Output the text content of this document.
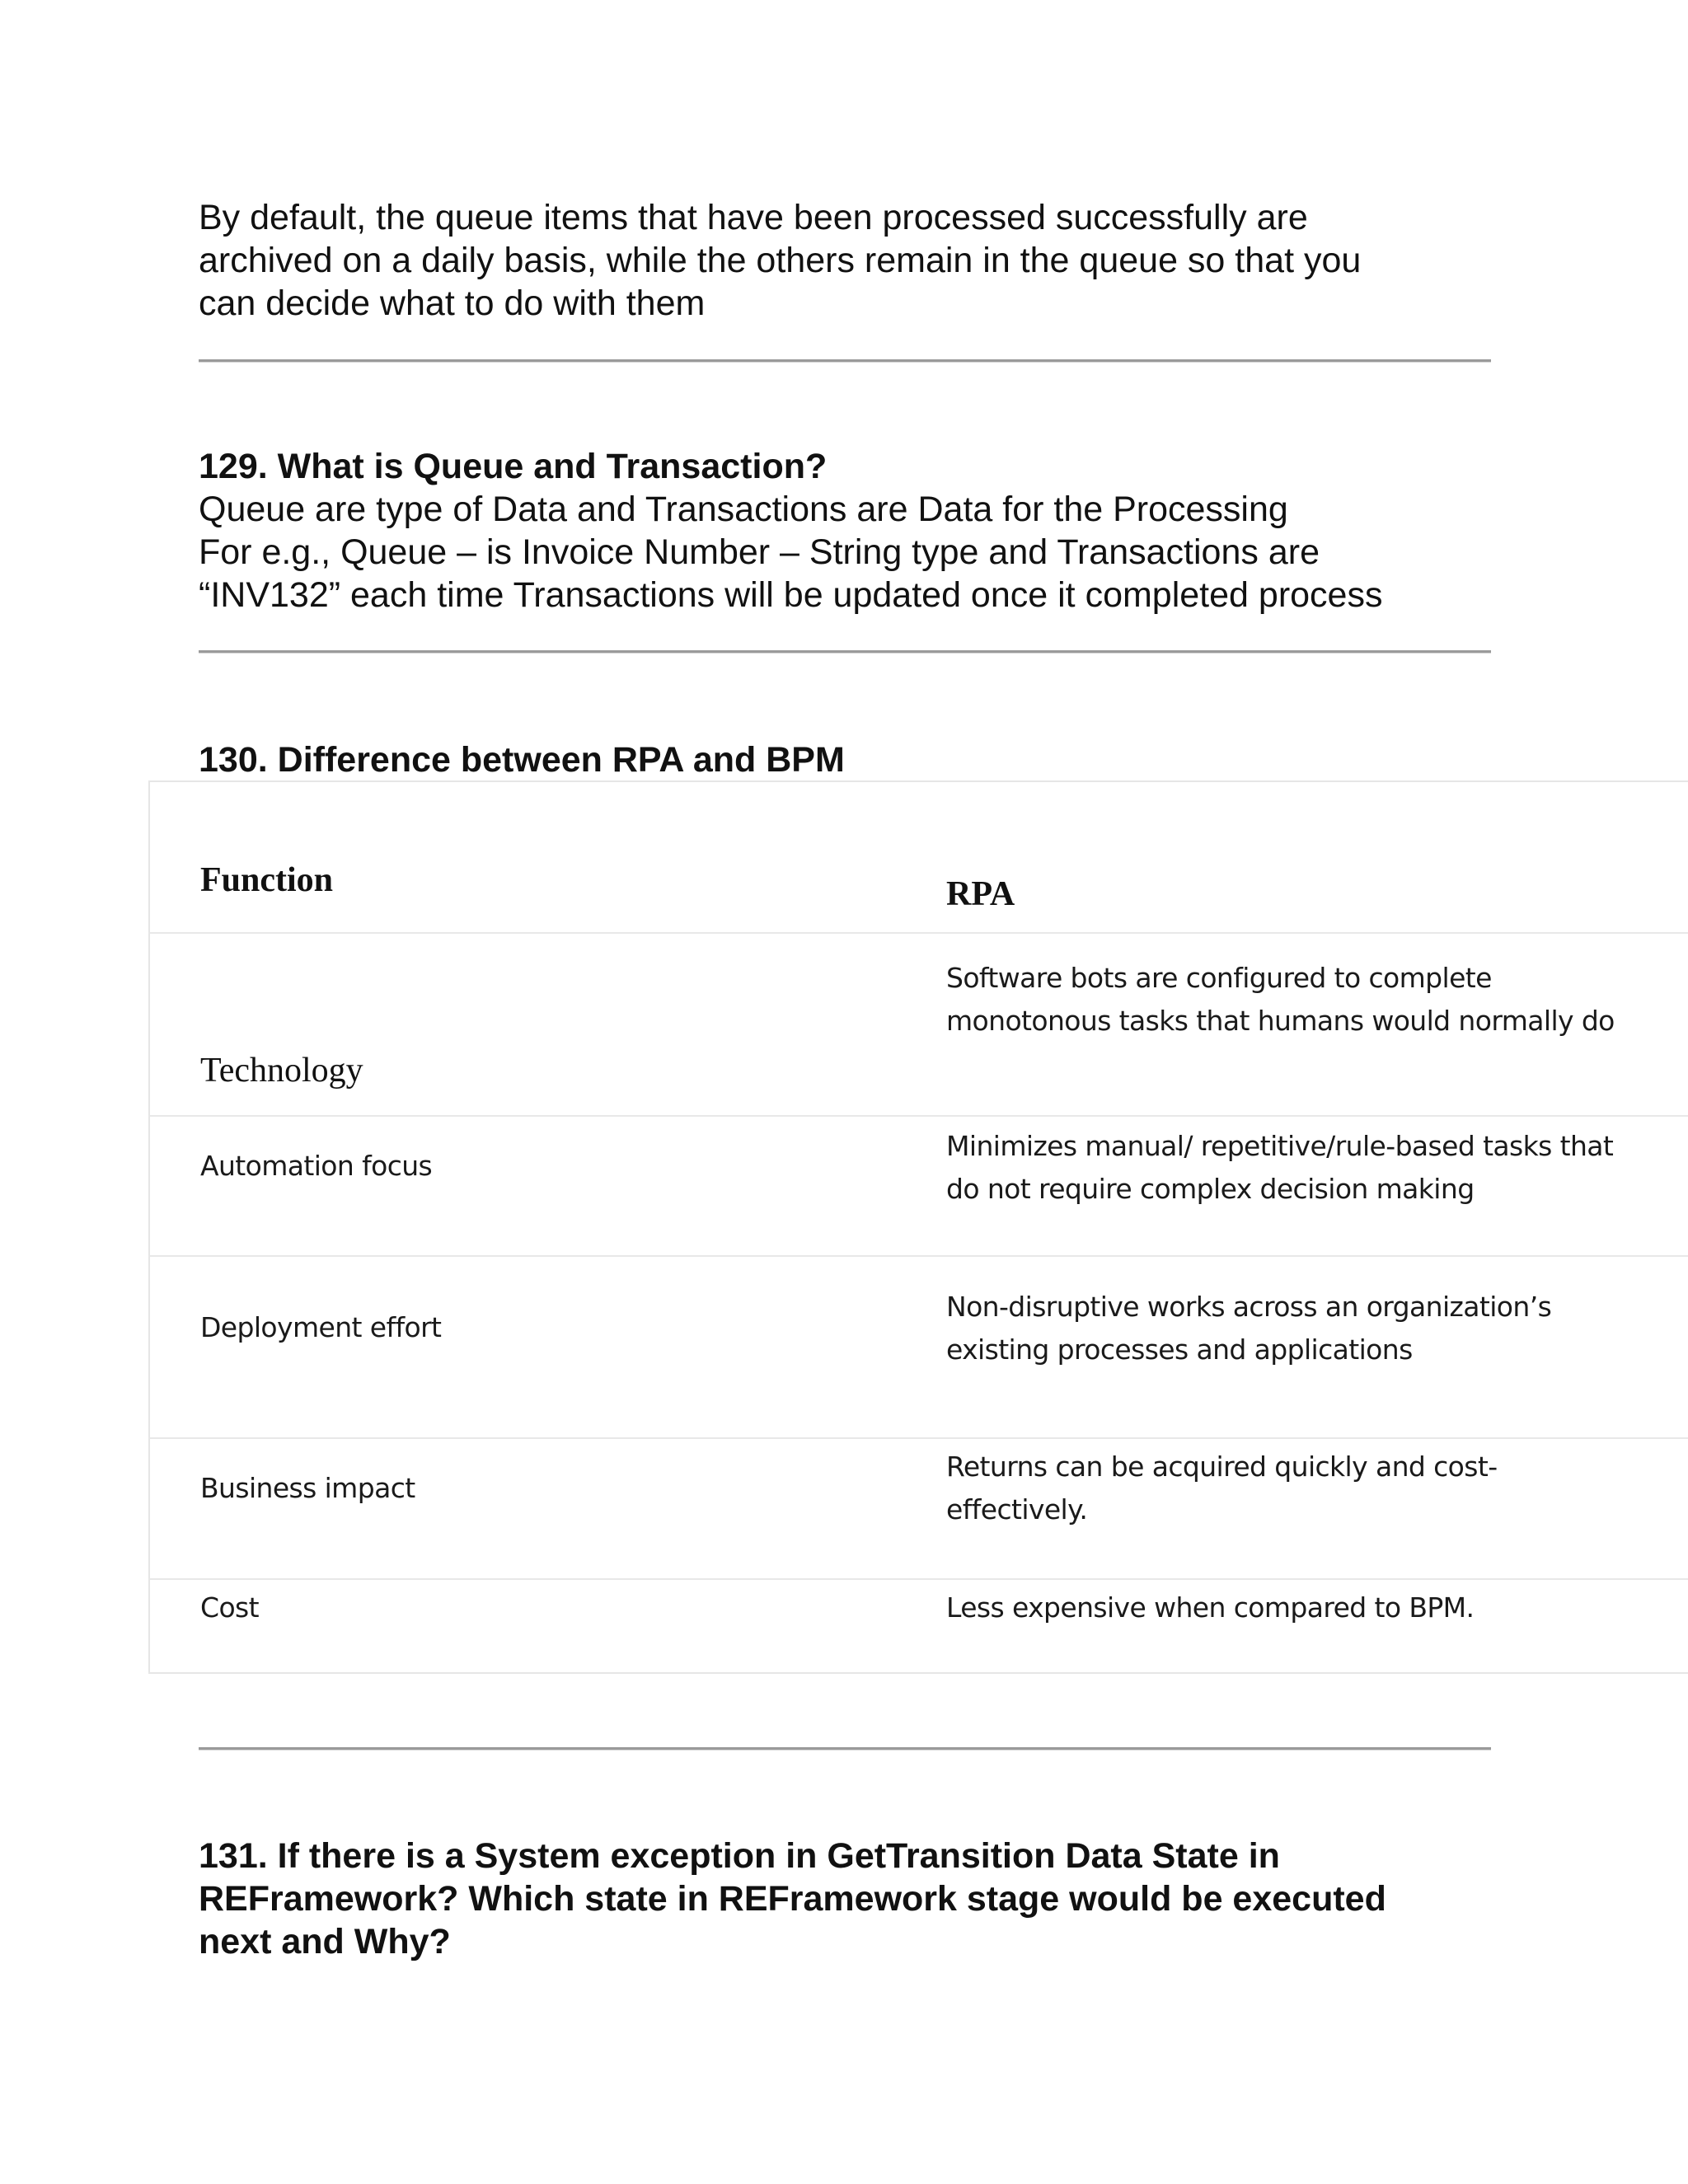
By default, the queue items that have been processed successfully are
archived on a daily basis, while the others remain in the queue so that you
can decide what to do with them

129. What is Queue and Transaction?

Queue are type of Data and Transactions are Data for the Processing
For e.g., Queue – is Invoice Number – String type and Transactions are
“INV132” each time Transactions will be updated once it completed process

130. Difference between RPA and BPM
Function	RPA
Technology
Software bots are configured to complete
monotonous tasks that humans would normally do
Automation focus
Minimizes manual/ repetitive/rule-based tasks that
do not require complex decision making
Deployment effort
Non-disruptive works across an organization’s
existing processes and applications
Business impact
Returns can be acquired quickly and cost-
effectively.
Cost	Less expensive when compared to BPM.
131. If there is a System exception in GetTransition Data State in
REFramework? Which state in REFramework stage would be executed
next and Why?
